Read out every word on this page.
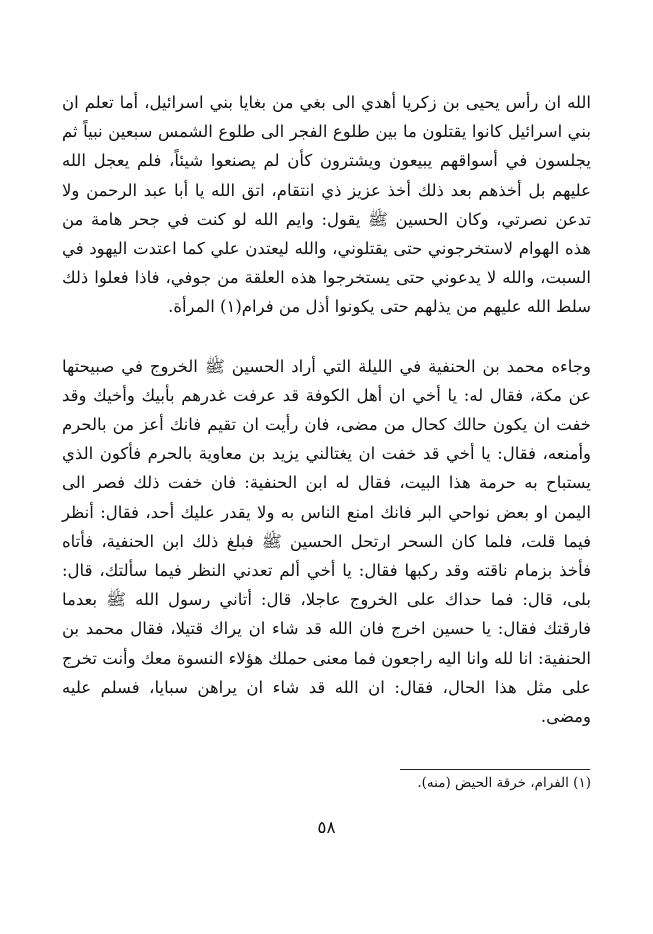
الله ان رأس يحيى بن زكريا أهدي الى بغي من بغايا بني اسرائيل، أما تعلم ان بني اسرائيل كانوا يقتلون ما بين طلوع الفجر الى طلوع الشمس سبعين نبياً ثم يجلسون في أسواقهم يبيعون ويشترون كأن لم يصنعوا شيئاً، فلم يعجل الله عليهم بل أخذهم بعد ذلك أخذ عزيز ذي انتقام، اتق الله يا أبا عبد الرحمن ولا تدعن نصرتي، وكان الحسين ﷺ يقول: وايم الله لو كنت في جحر هامة من هذه الهوام لاستخرجوني حتى يقتلوني، والله ليعتدن علي كما اعتدت اليهود في السبت، والله لا يدعوني حتى يستخرجوا هذه العلقة من جوفي، فاذا فعلوا ذلك سلط الله عليهم من يذلهم حتى يكونوا أذل من فرام(١) المرأة.

وجاءه محمد بن الحنفية في الليلة التي أراد الحسين ﷺ الخروج في صبيحتها عن مكة، فقال له: يا أخي ان أهل الكوفة قد عرفت غدرهم بأبيك وأخيك وقد خفت ان يكون حالك كحال من مضى، فان رأيت ان تقيم فانك أعز من بالحرم وأمنعه، فقال: يا أخي قد خفت ان يغتالني يزيد بن معاوية بالحرم فأكون الذي يستباح به حرمة هذا البيت، فقال له ابن الحنفية: فان خفت ذلك فصر الى اليمن او بعض نواحي البر فانك امنع الناس به ولا يقدر عليك أحد، فقال: أنظر فيما قلت، فلما كان السحر ارتحل الحسين ﷺ فبلغ ذلك ابن الحنفية، فأتاه فأخذ بزمام ناقته وقد ركبها فقال: يا أخي ألم تعدني النظر فيما سألتك، قال: بلى، قال: فما حداك على الخروج عاجلا، قال: أتاني رسول الله ﷺ بعدما فارقتك فقال: يا حسين اخرج فان الله قد شاء ان يراك قتيلا، فقال محمد بن الحنفية: انا لله وانا اليه راجعون فما معنى حملك هؤلاء النسوة معك وأنت تخرج على مثل هذا الحال، فقال: ان الله قد شاء ان يراهن سبايا، فسلم عليه ومضى.

(١) الفرام، خرقة الحيض (منه).
٥٨
